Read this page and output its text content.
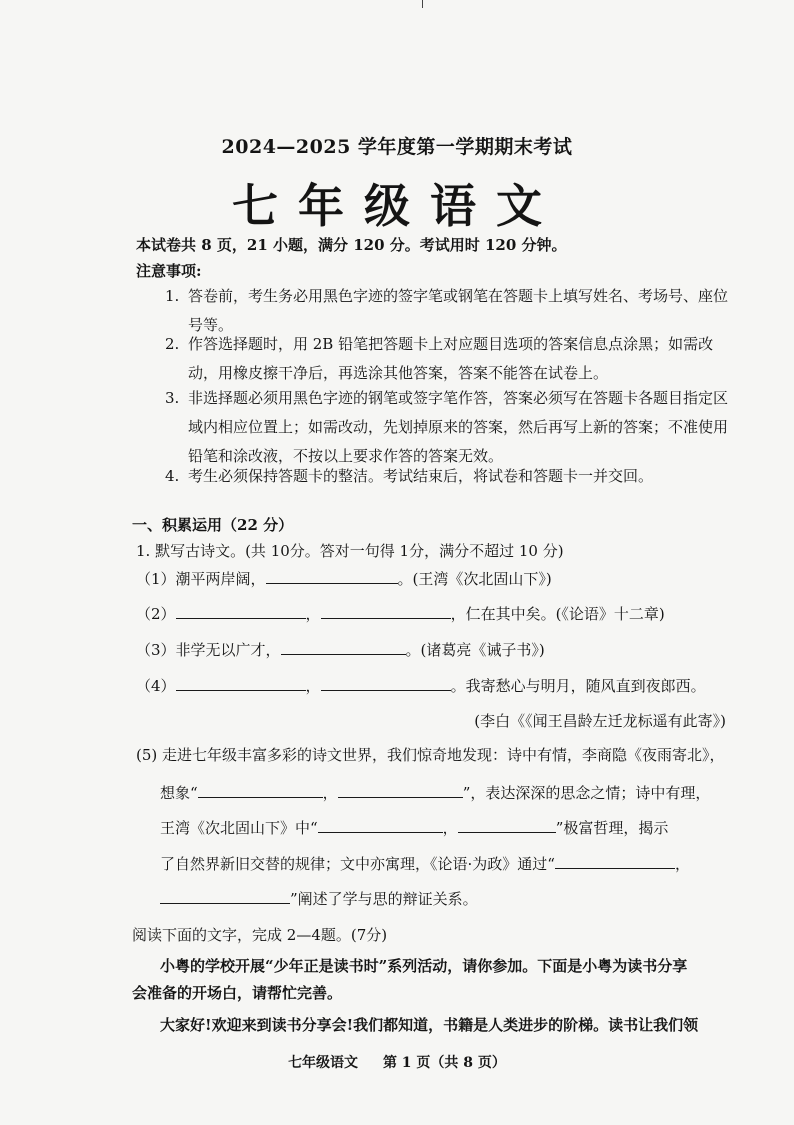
2024—2025 学年度第一学期期末考试
七年级语文
本试卷共 8 页，21 小题，满分 120 分。考试用时 120 分钟。
注意事项:
1. 答卷前，考生务必用黑色字迹的签字笔或钢笔在答题卡上填写姓名、考场号、座位号等。
2. 作答选择题时，用 2B 铅笔把答题卡上对应题目选项的答案信息点涂黑；如需改动，用橡皮擦干净后，再选涂其他答案，答案不能答在试卷上。
3. 非选择题必须用黑色字迹的钢笔或签字笔作答，答案必须写在答题卡各题目指定区域内相应位置上；如需改动，先划掉原来的答案，然后再写上新的答案；不准使用铅笔和涂改液，不按以上要求作答的答案无效。
4. 考生必须保持答题卡的整洁。考试结束后，将试卷和答题卡一并交回。
一、积累运用（22 分）
1. 默写古诗文。(共 10分。答对一句得 1分，满分不超过 10 分)
（1）潮平两岸阔，	。(王湾《次北固山下》)
（2）	，	，仁在其中矣。(《论语》十二章)
（3）非学无以广才，	。(诸葛亮《诫子书》)
（4）	，	。我寄愁心与明月，随风直到夜郎西。
(李白《《闻王昌龄左迁龙标遥有此寄》)
(5) 走进七年级丰富多彩的诗文世界，我们惊奇地发现：诗中有情，李商隐《夜雨寄北》，
想象“	，	”，表达深深的思念之情；诗中有理，
王湾《次北固山下》中“	，	”极富哲理，揭示
了自然界新旧交替的规律；文中亦寓理，《论语·为政》通过“	，
”阐述了学与思的辩证关系。
阅读下面的文字，完成 2—4题。(7分)
小粤的学校开展“少年正是读书时”系列活动，请你参加。下面是小粤为读书分享
会准备的开场白，请帮忙完善。
大家好!欢迎来到读书分享会!我们都知道，书籍是人类进步的阶梯。读书让我们领
七年级语文 第 1 页（共 8 页）
